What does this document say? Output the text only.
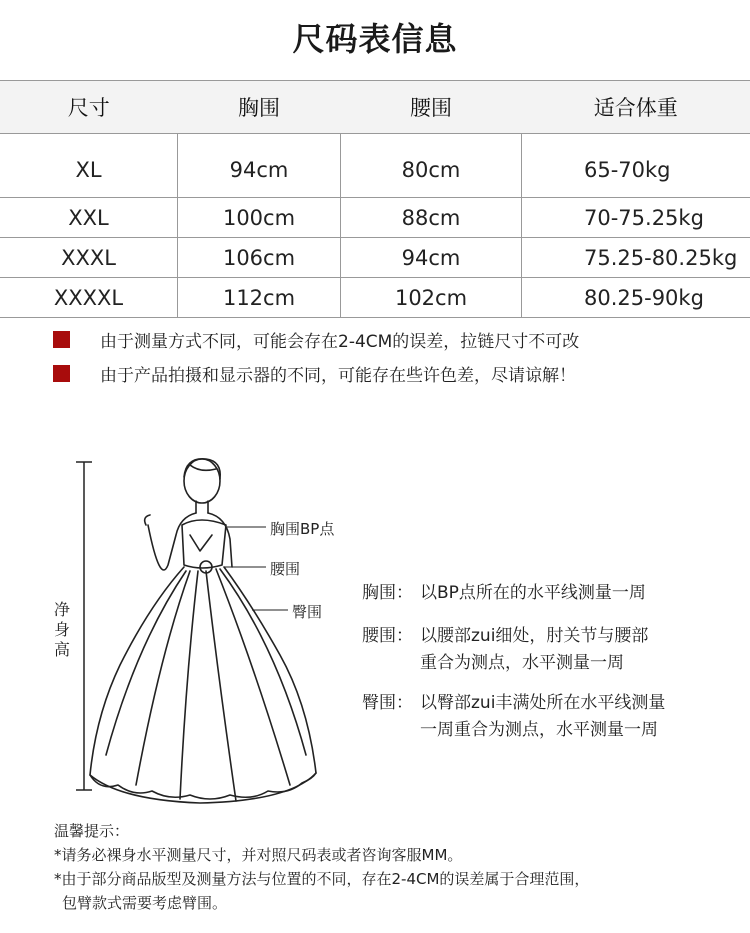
尺码表信息
尺寸	胸围	腰围	适合体重
XL	94cm	80cm	65-70kg
XXL	100cm	88cm	70-75.25kg
XXXL	106cm	94cm	75.25-80.25kg
XXXXL	112cm	102cm	80.25-90kg
由于测量方式不同，可能会存在2-4CM的误差，拉链尺寸不可改
由于产品拍摄和显示器的不同，可能存在些许色差，尽请谅解！
净身高
胸围BP点
腰围
臀围
胸围： 以BP点所在的水平线测量一周
腰围： 以腰部zui细处，肘关节与腰部
重合为测点，水平测量一周
臀围： 以臀部zui丰满处所在水平线测量
一周重合为测点，水平测量一周
温馨提示：
*请务必裸身水平测量尺寸，并对照尺码表或者咨询客服MM。
*由于部分商品版型及测量方法与位置的不同，存在2-4CM的误差属于合理范围，
包臂款式需要考虑臂围。
